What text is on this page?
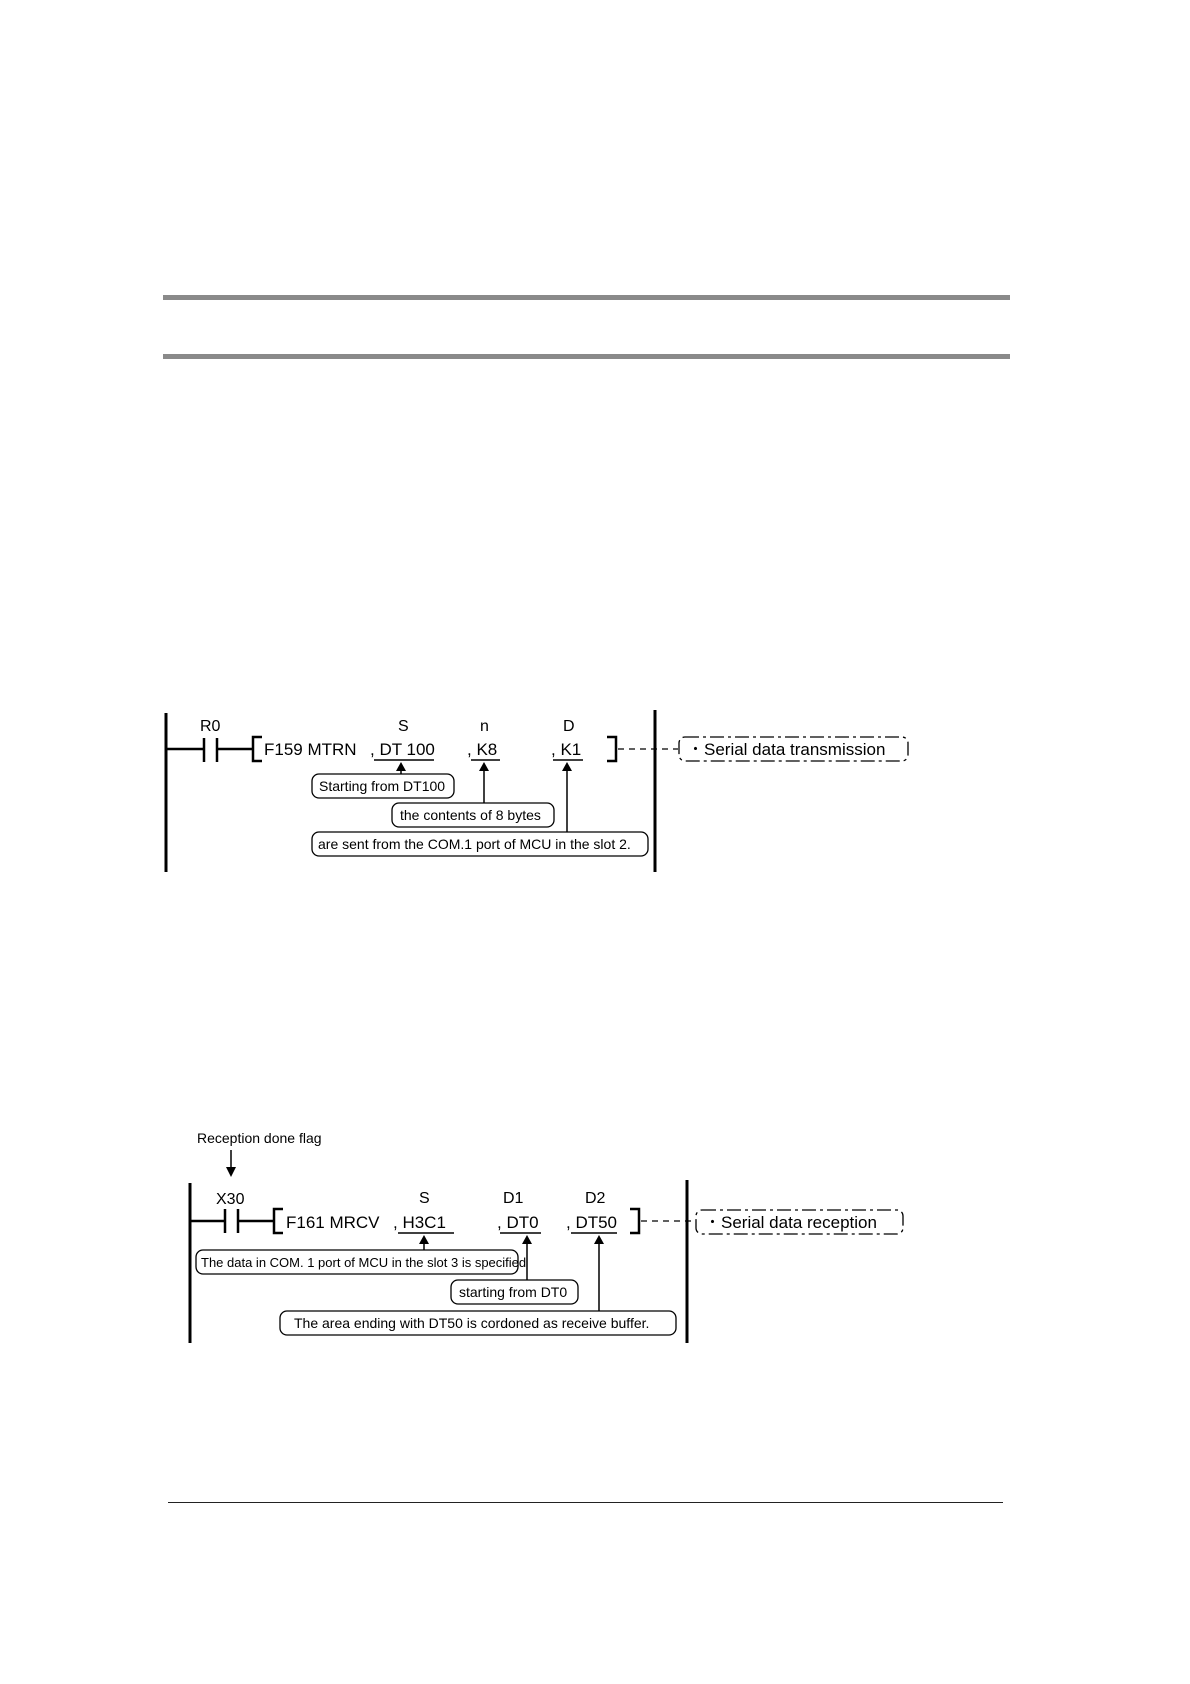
R0
F159 MTRN
S	n	D
, DT 100 , K8	, K1
Starting from DT100
the contents of 8 bytes
are sent from the COM.1 port of MCU in the slot 2.
・Serial data transmission
Reception done flag
X30
F161 MRCV
S	D1	D2
, H3C1	, DT0 , DT50
The data in COM. 1 port of MCU in the slot 3 is specified
starting from DT0
The area ending with DT50 is cordoned as receive buffer.
・Serial data reception
